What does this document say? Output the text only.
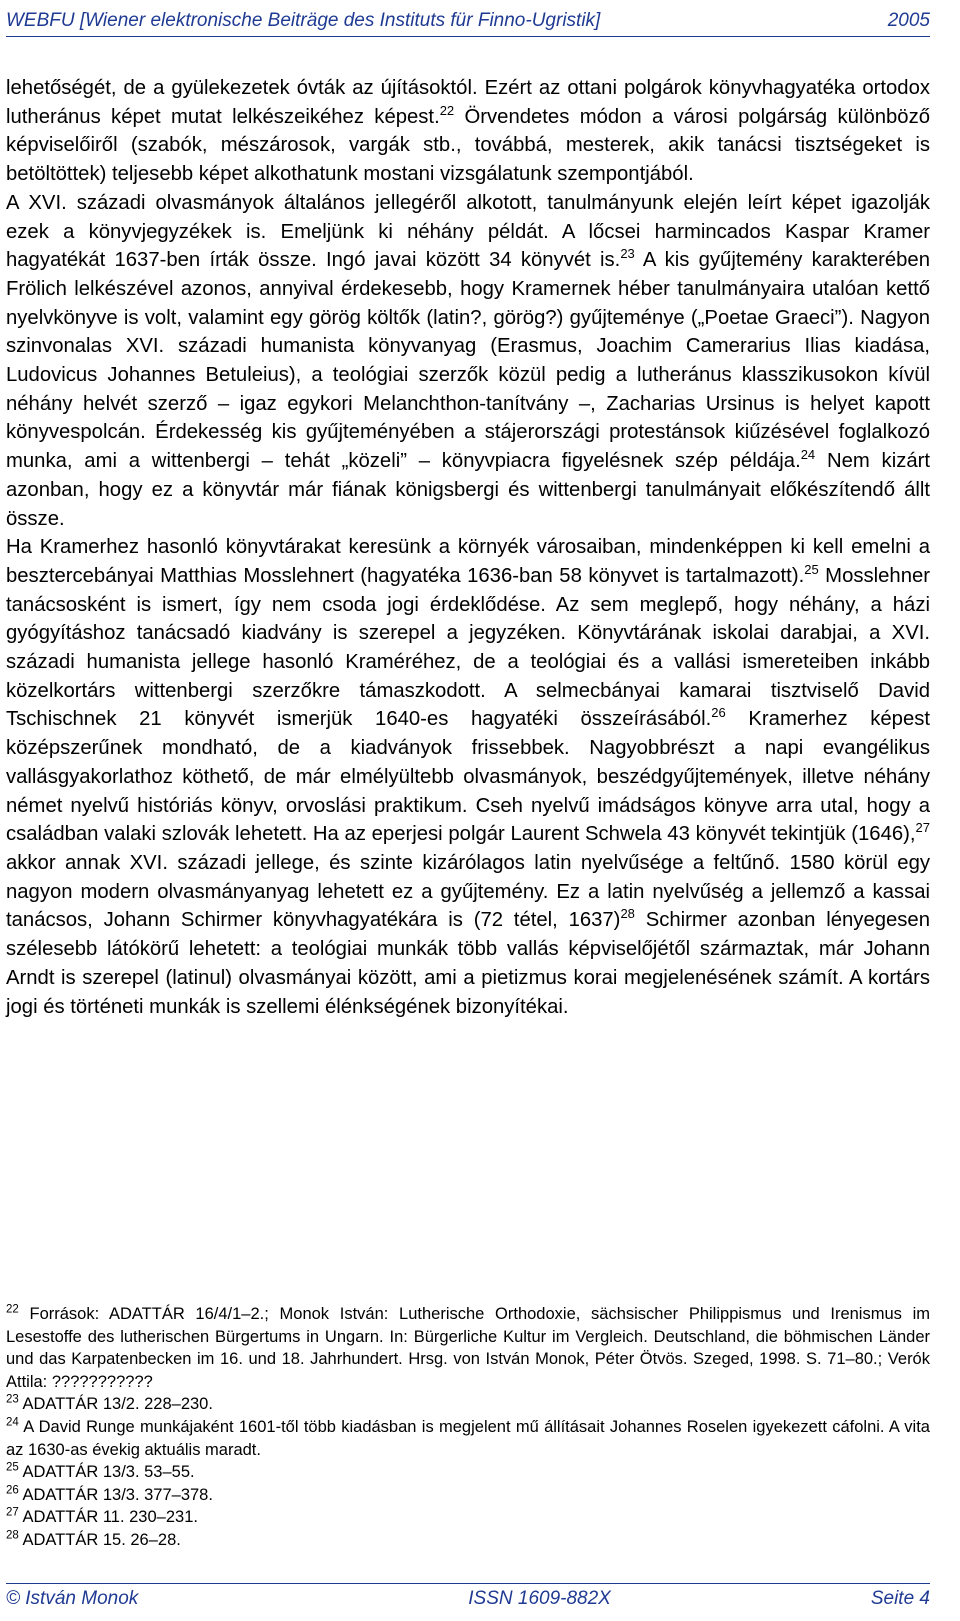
WEBFU [Wiener elektronische Beiträge des Instituts für Finno-Ugristik]	2005

lehetőségét, de a gyülekezetek óvták az újításoktól. Ezért az ottani polgárok könyvhagyatéka ortodox lutheránus képet mutat lelkészeikéhez képest.$^{22}$ Örvendetes módon a városi polgárság különböző képviselőiről (szabók, mészárosok, vargák stb., továbbá, mesterek, akik tanácsi tisztségeket is betöltöttek) teljesebb képet alkothatunk mostani vizsgálatunk szempontjából.

A XVI. századi olvasmányok általános jellegéről alkotott, tanulmányunk elején leírt képet igazolják ezek a könyvjegyzékek is. Emeljünk ki néhány példát. A lőcsei harmincados Kaspar Kramer hagyatékát 1637-ben írták össze. Ingó javai között 34 könyvét is.$^{23}$ A kis gyűjtemény karakterében Frölich lelkészével azonos, annyival érdekesebb, hogy Kramernek héber tanulmányaira utalóan kettő nyelvkönyve is volt, valamint egy görög költők (latin?, görög?) gyűjteménye („Poetae Graeci”). Nagyon szinvonalas XVI. századi humanista könyvanyag (Erasmus, Joachim Camerarius Ilias kiadása, Ludovicus Johannes Betuleius), a teológiai szerzők közül pedig a lutheránus klasszikusokon kívül néhány helvét szerző – igaz egykori Melanchthon-tanítvány –, Zacharias Ursinus is helyet kapott könyvespolcán. Érdekesség kis gyűjteményében a stájerországi protestánsok kiűzésével foglalkozó munka, ami a wittenbergi – tehát „közeli” – könyvpiacra figyelésnek szép példája.$^{24}$ Nem kizárt azonban, hogy ez a könyvtár már fiának königsbergi és wittenbergi tanulmányait előkészítendő állt össze.

Ha Kramerhez hasonló könyvtárakat keresünk a környék városaiban, mindenképpen ki kell emelni a besztercebányai Matthias Mosslehnert (hagyatéka 1636-ban 58 könyvet is tartalmazott).$^{25}$ Mosslehner tanácsosként is ismert, így nem csoda jogi érdeklődése. Az sem meglepő, hogy néhány, a házi gyógyításhoz tanácsadó kiadvány is szerepel a jegyzéken. Könyvtárának iskolai darabjai, a XVI. századi humanista jellege hasonló Kraméréhez, de a teológiai és a vallási ismereteiben inkább közelkortárs wittenbergi szerzőkre támaszkodott. A selmecbányai kamarai tisztviselő David Tschischnek 21 könyvét ismerjük 1640-es hagyatéki összeírásából.$^{26}$ Kramerhez képest középszerűnek mondható, de a kiadványok frissebbek. Nagyobbrészt a napi evangélikus vallásgyakorlathoz köthető, de már elmélyültebb olvasmányok, beszédgyűjtemények, illetve néhány német nyelvű históriás könyv, orvoslási praktikum. Cseh nyelvű imádságos könyve arra utal, hogy a családban valaki szlovák lehetett. Ha az eperjesi polgár Laurent Schwela 43 könyvét tekintjük (1646),$^{27}$ akkor annak XVI. századi jellege, és szinte kizárólagos latin nyelvűsége a feltűnő. 1580 körül egy nagyon modern olvasmányanyag lehetett ez a gyűjtemény. Ez a latin nyelvűség a jellemző a kassai tanácsos, Johann Schirmer könyvhagyatékára is (72 tétel, 1637)$^{28}$ Schirmer azonban lényegesen szélesebb látókörű lehetett: a teológiai munkák több vallás képviselőjétől származtak, már Johann Arndt is szerepel (latinul) olvasmányai között, ami a pietizmus korai megjelenésének számít. A kortárs jogi és történeti munkák is szellemi élénkségének bizonyítékai.

$^{22}$ Források: ADATTÁR 16/4/1–2.; Monok István: Lutherische Orthodoxie, sächsischer Philippismus und Irenismus im Lesestoffe des lutherischen Bürgertums in Ungarn. In: Bürgerliche Kultur im Vergleich. Deutschland, die böhmischen Länder und das Karpatenbecken im 16. und 18. Jahrhundert. Hrsg. von István Monok, Péter Ötvös. Szeged, 1998. S. 71–80.; Verók Attila: ???????????

$^{23}$ ADATTÁR 13/2. 228–230.

$^{24}$ A David Runge munkájaként 1601-től több kiadásban is megjelent mű állításait Johannes Roselen igyekezett cáfolni. A vita az 1630-as évekig aktuális maradt.

$^{25}$ ADATTÁR 13/3. 53–55.

$^{26}$ ADATTÁR 13/3. 377–378.

$^{27}$ ADATTÁR 11. 230–231.

$^{28}$ ADATTÁR 15. 26–28.

© István Monok	ISSN 1609-882X	Seite 4
